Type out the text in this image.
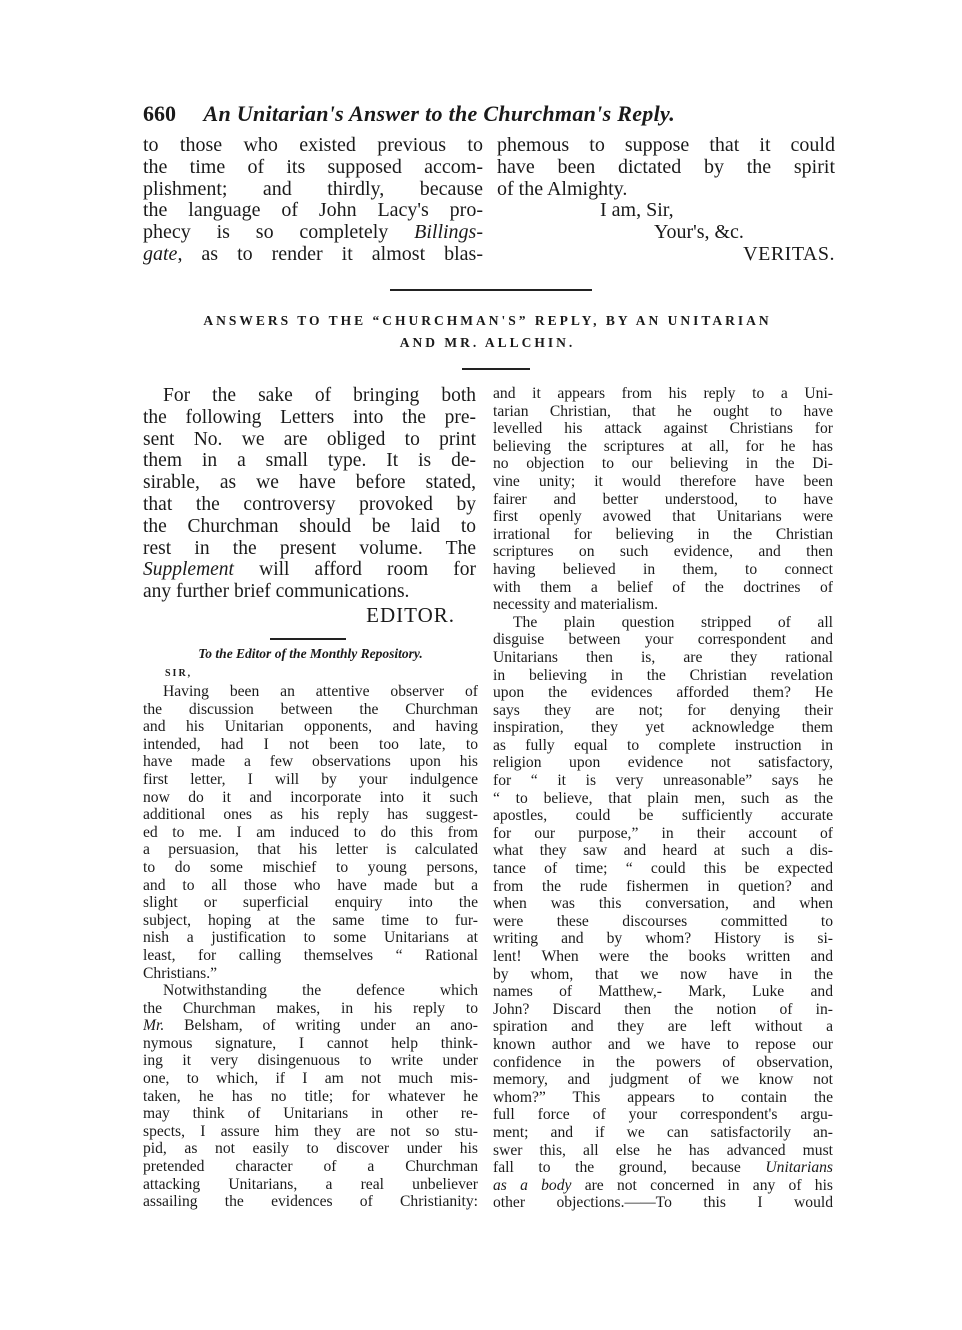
660 An Unitarian's Answer to the Churchman's Reply.
to those who existed previous to
the time of its supposed accom-
plishment; and thirdly, because
the language of John Lacy's pro-
phecy is so completely Billings-
gate, as to render it almost blas-
phemous to suppose that it could
have been dictated by the spirit
of the Almighty.
I am, Sir,
Your's, &c.
VERITAS.
ANSWERS TO THE “CHURCHMAN'S” REPLY, BY AN UNITARIAN
AND MR. ALLCHIN.
For the sake of bringing both
the following Letters into the pre-
sent No. we are obliged to print
them in a small type. It is de-
sirable, as we have before stated,
that the controversy provoked by
the Churchman should be laid to
rest in the present volume. The
Supplement will afford room for
any further brief communications.
EDITOR.
To the Editor of the Monthly Repository.
SIR,
Having been an attentive observer of
the discussion between the Churchman
and his Unitarian opponents, and having
intended, had I not been too late, to
have made a few observations upon his
first letter, I will by your indulgence
now do it and incorporate into it such
additional ones as his reply has suggest-
ed to me. I am induced to do this from
a persuasion, that his letter is calculated
to do some mischief to young persons,
and to all those who have made but a
slight or superficial enquiry into the
subject, hoping at the same time to fur-
nish a justification to some Unitarians at
least, for calling themselves “ Rational
Christians.”
Notwithstanding the defence which
the Churchman makes, in his reply to
Mr. Belsham, of writing under an ano-
nymous signature, I cannot help think-
ing it very disingenuous to write under
one, to which, if I am not much mis-
taken, he has no title; for whatever he
may think of Unitarians in other re-
spects, I assure him they are not so stu-
pid, as not easily to discover under his
pretended character of a Churchman
attacking Unitarians, a real unbeliever
assailing the evidences of Christianity:
and it appears from his reply to a Uni-
tarian Christian, that he ought to have
levelled his attack against Christians for
believing the scriptures at all, for he has
no objection to our believing in the Di-
vine unity; it would therefore have been
fairer and better understood, to have
first openly avowed that Unitarians were
irrational for believing in the Christian
scriptures on such evidence, and then
having believed in them, to connect
with them a belief of the doctrines of
necessity and materialism.
The plain question stripped of all
disguise between your correspondent and
Unitarians then is, are they rational
in believing in the Christian revelation
upon the evidences afforded them? He
says they are not; for denying their
inspiration, they yet acknowledge them
as fully equal to complete instruction in
religion upon evidence not satisfactory,
for “ it is very unreasonable” says he
“ to believe, that plain men, such as the
apostles, could be sufficiently accurate
for our purpose,” in their account of
what they saw and heard at such a dis-
tance of time; “ could this be expected
from the rude fishermen in quetion? and
when was this conversation, and when
were these discourses committed to
writing and by whom? History is si-
lent! When were the books written and
by whom, that we now have in the
names of Matthew,- Mark, Luke and
John? Discard then the notion of in-
spiration and they are left without a
known author and we have to repose our
confidence in the powers of observation,
memory, and judgment of we know not
whom?” This appears to contain the
full force of your correspondent's argu-
ment; and if we can satisfactorily an-
swer this, all else he has advanced must
fall to the ground, because Unitarians
as a body are not concerned in any of his
other objections.——To this I would
